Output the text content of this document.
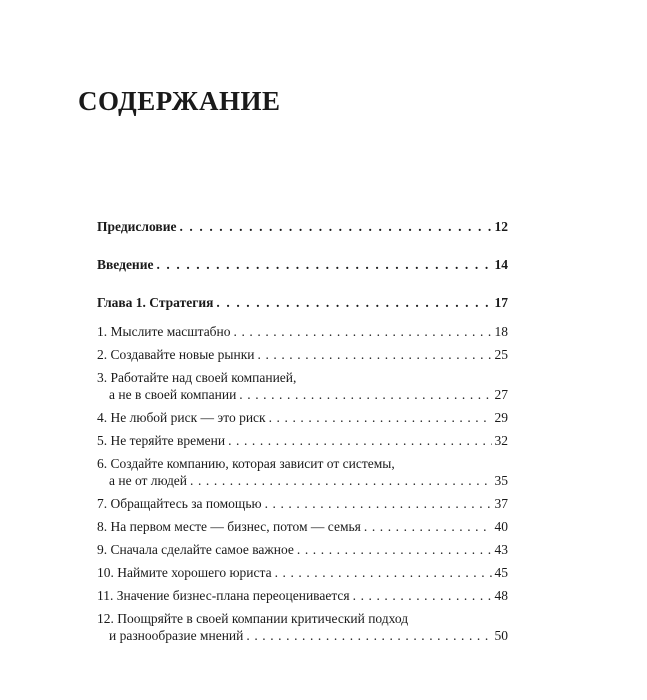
СОДЕРЖАНИЕ
Предисловие . . .	12
Введение . . .	14
Глава 1. Стратегия . . .	17
1. Мыслите масштабно . . .	18
2. Создавайте новые рынки . . .	25
3. Работайте над своей компанией,
а не в своей компании . . .	27
4. Не любой риск — это риск . . .	29
5. Не теряйте времени . . .	32
6. Создайте компанию, которая зависит от системы,
а не от людей . . .	35
7. Обращайтесь за помощью . . .	37
8. На первом месте — бизнес, потом — семья . . .	40
9. Сначала сделайте самое важное . . .	43
10. Наймите хорошего юриста . . .	45
11. Значение бизнес-плана переоценивается . . .	48
12. Поощряйте в своей компании критический подход
и разнообразие мнений . . .	50
